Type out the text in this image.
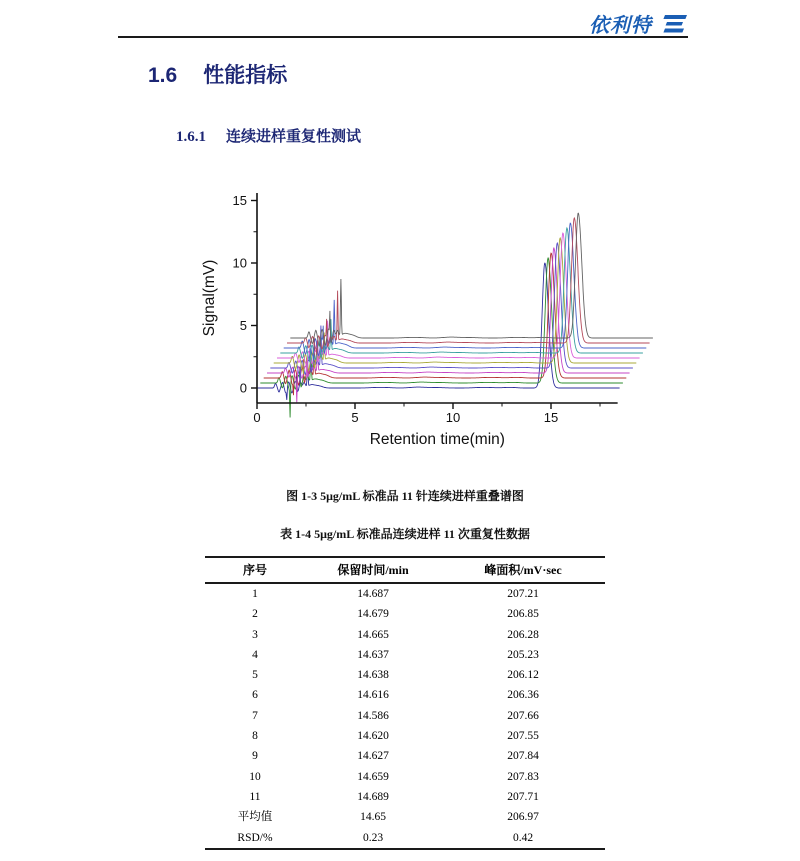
依利特
1.6 性能指标
1.6.1 连续进样重复性测试
0
5
10
15
0	5	10	15
Retention time(min)
Signal(mV)
图 1-3 5μg/mL 标准品 11 针连续进样重叠谱图
表 1-4 5μg/mL 标准品连续进样 11 次重复性数据
序号	保留时间/min	峰面积/mV·sec
1	14.687	207.21
2	14.679	206.85
3	14.665	206.28
4	14.637	205.23
5	14.638	206.12
6	14.616	206.36
7	14.586	207.66
8	14.620	207.55
9	14.627	207.84
10	14.659	207.83
11	14.689	207.71
平均值	14.65	206.97
RSD/%	0.23	0.42
